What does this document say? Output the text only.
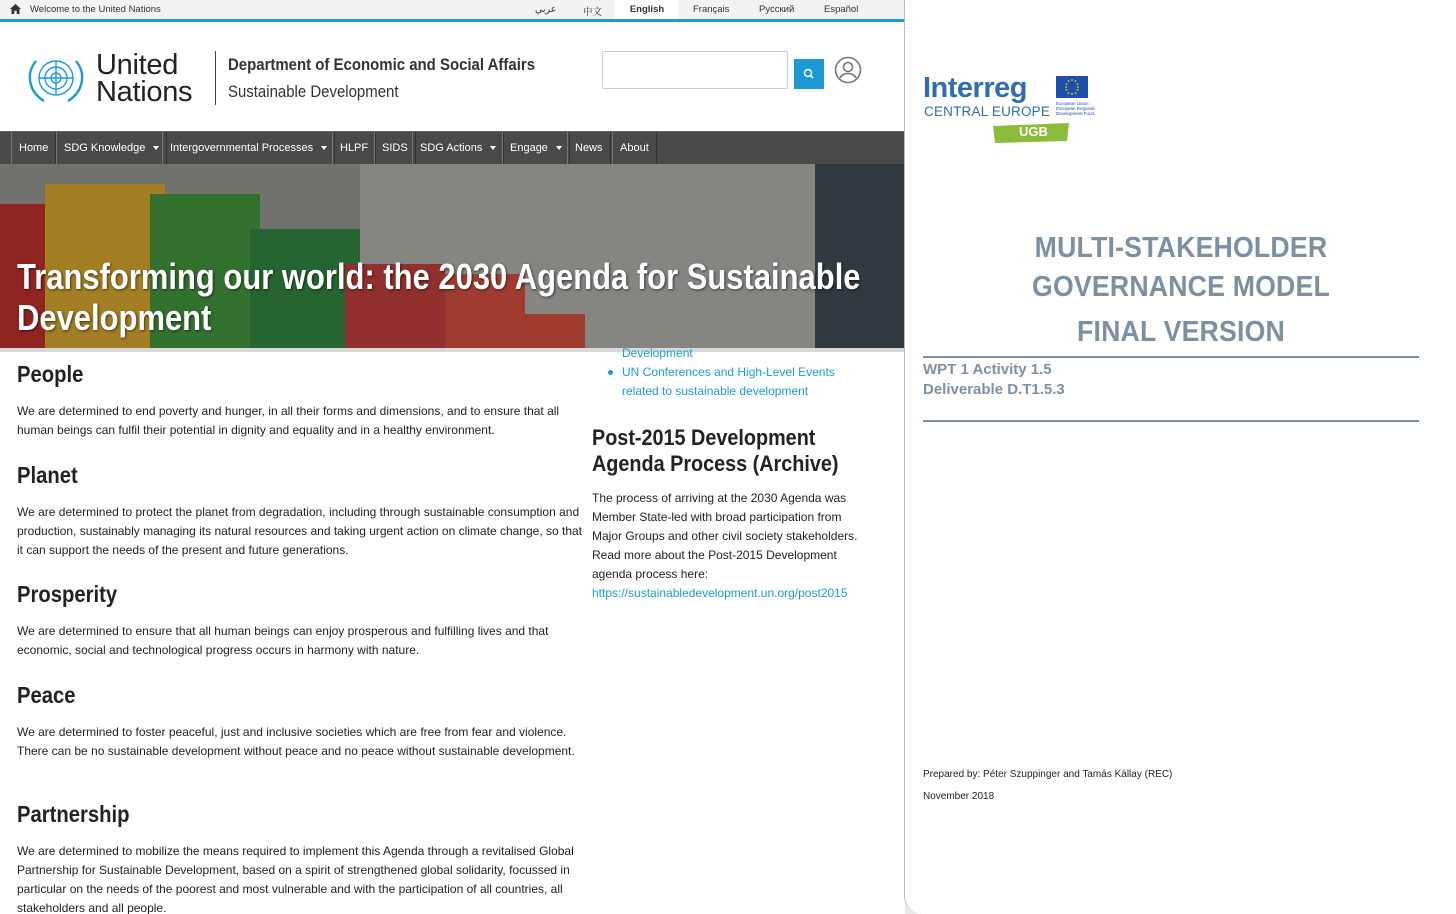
Welcome to the United Nations	عربي	中文	English	Français	Русский	Español
United
Nations
Department of Economic and Social Affairs
Sustainable Development
Home	SDG Knowledge	Intergovernmental Processes	HLPF	SIDS	SDG Actions	Engage	News	About
Transforming our world: the 2030 Agenda for Sustainable Development
People

We are determined to end poverty and hunger, in all their forms and dimensions, and to ensure that all human beings can fulfil their potential in dignity and equality and in a healthy environment.

Planet

We are determined to protect the planet from degradation, including through sustainable consumption and production, sustainably managing its natural resources and taking urgent action on climate change, so that it can support the needs of the present and future generations.

Prosperity

We are determined to ensure that all human beings can enjoy prosperous and fulfilling lives and that economic, social and technological progress occurs in harmony with nature.

Peace

We are determined to foster peaceful, just and inclusive societies which are free from fear and violence. There can be no sustainable development without peace and no peace without sustainable development.

Partnership

We are determined to mobilize the means required to implement this Agenda through a revitalised Global Partnership for Sustainable Development, based on a spirit of strengthened global solidarity, focussed in particular on the needs of the poorest and most vulnerable and with the participation of all countries, all stakeholders and all people.

Development
UN Conferences and High-Level Events related to sustainable development
Post-2015 Development Agenda Process (Archive)

The process of arriving at the 2030 Agenda was Member State-led with broad participation from Major Groups and other civil society stakeholders. Read more about the Post-2015 Development agenda process here: https://sustainabledevelopment.un.org/post2015

Interreg
CENTRAL EUROPE
European Union European Regional Development Fund
UGB
MULTI-STAKEHOLDER
GOVERNANCE MODEL
FINAL VERSION
WPT 1 Activity 1.5
Deliverable D.T1.5.3
Prepared by: Péter Szuppinger and Tamás Kállay (REC)
November 2018
